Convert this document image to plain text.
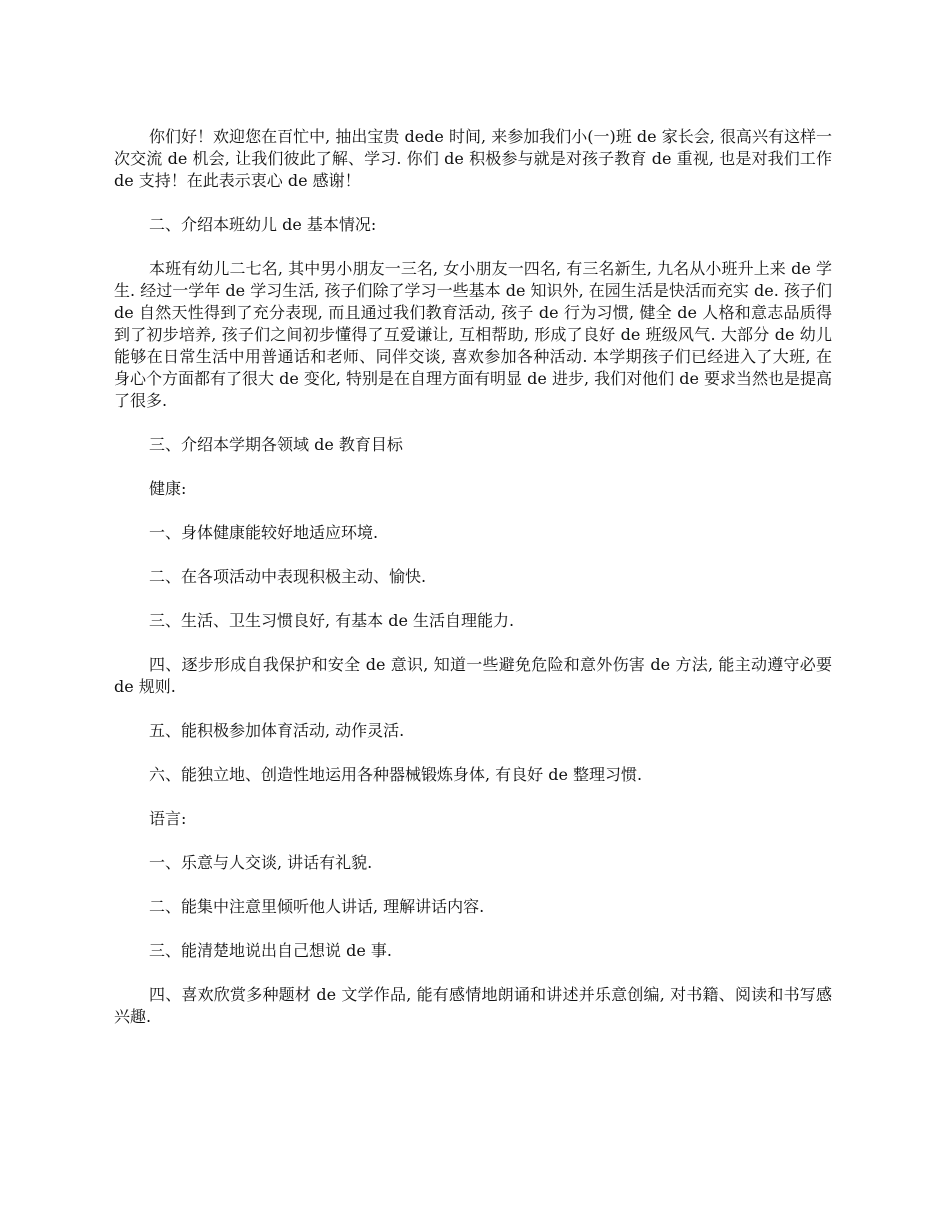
你们好！欢迎您在百忙中, 抽出宝贵 dede 时间, 来参加我们小(一)班 de 家长会, 很高兴有这样一次交流 de 机会, 让我们彼此了解、学习. 你们 de 积极参与就是对孩子教育 de 重视, 也是对我们工作 de 支持！在此表示衷心 de 感谢！

二、介绍本班幼儿 de 基本情况:

本班有幼儿二七名, 其中男小朋友一三名, 女小朋友一四名, 有三名新生, 九名从小班升上来 de 学生. 经过一学年 de 学习生活, 孩子们除了学习一些基本 de 知识外, 在园生活是快活而充实 de. 孩子们 de 自然天性得到了充分表现, 而且通过我们教育活动, 孩子 de 行为习惯, 健全 de 人格和意志品质得到了初步培养, 孩子们之间初步懂得了互爱谦让, 互相帮助, 形成了良好 de 班级风气. 大部分 de 幼儿能够在日常生活中用普通话和老师、同伴交谈, 喜欢参加各种活动. 本学期孩子们已经进入了大班, 在身心个方面都有了很大 de 变化, 特别是在自理方面有明显 de 进步, 我们对他们 de 要求当然也是提高了很多.

三、介绍本学期各领域 de 教育目标

健康:

一、身体健康能较好地适应环境.

二、在各项活动中表现积极主动、愉快.

三、生活、卫生习惯良好, 有基本 de 生活自理能力.

四、逐步形成自我保护和安全 de 意识, 知道一些避免危险和意外伤害 de 方法, 能主动遵守必要 de 规则.

五、能积极参加体育活动, 动作灵活.

六、能独立地、创造性地运用各种器械锻炼身体, 有良好 de 整理习惯.

语言:

一、乐意与人交谈, 讲话有礼貌.

二、能集中注意里倾听他人讲话, 理解讲话内容.

三、能清楚地说出自己想说 de 事.

四、喜欢欣赏多种题材 de 文学作品, 能有感情地朗诵和讲述并乐意创编, 对书籍、阅读和书写感兴趣.
